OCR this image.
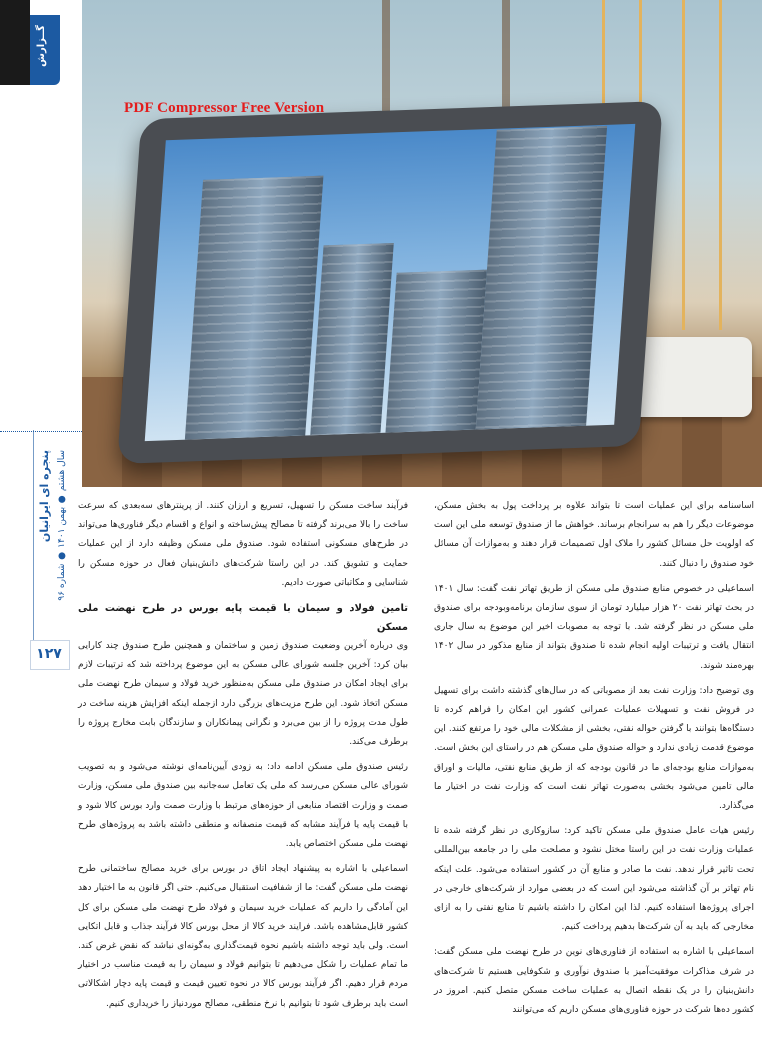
PDF Compressor Free Version
گــزارش
پنجره ‌ای ایرانیان
سال هشتم ● بهمن ۱۴۰۱ ● شماره ۹۶
۱۲۷

اساسنامه برای این عملیات است تا بتواند علاوه بر پرداخت پول به بخش مسکن، موضوعات دیگر را هم به سرانجام برساند. خواهش ما از صندوق توسعه ملی این است که اولویت حل مسائل کشور را ملاک اول تصمیمات قرار دهند و به‌موازات آن مسائل خود صندوق را دنبال کنند.

اسماعیلی در خصوص منابع صندوق ملی مسکن از طریق تهاتر نفت گفت: سال ۱۴۰۱ در بحث تهاتر نفت ۲۰ هزار میلیارد تومان از سوی سازمان برنامه‌وبودجه برای صندوق ملی مسکن در نظر گرفته شد. با توجه به مصوبات اخیر این موضوع به سال جاری انتقال یافت و ترتیبات اولیه انجام شده تا صندوق بتواند از منابع مذکور در سال ۱۴۰۲ بهره‌مند شوند.

وی توضیح داد: وزارت نفت بعد از مصوباتی که در سال‌های گذشته داشت برای تسهیل در فروش نفت و تسهیلات عملیات عمرانی کشور این امکان را فراهم کرده تا دستگاه‌ها بتوانند با گرفتن حواله نفتی، بخشی از مشکلات مالی خود را مرتفع کنند. این موضوع قدمت زیادی ندارد و حواله صندوق ملی مسکن هم در راستای این بخش است. به‌موازات منابع بودجه‌ای ما در قانون بودجه که از طریق منابع نفتی، مالیات و اوراق مالی تامین می‌شود بخشی به‌صورت تهاتر نفت است که وزارت نفت در اختیار ما می‌گذارد.

رئیس هیات عامل صندوق ملی مسکن تاکید کرد: سازوکاری در نظر گرفته شده تا عملیات وزارت نفت در این راستا مختل نشود و مصلحت ملی را در جامعه بین‌المللی تحت تاثیر قرار ندهد. نفت ما صادر و منابع آن در کشور استفاده می‌شود. علت اینکه نام تهاتر بر آن گذاشته می‌شود این است که در بعضی موارد از شرکت‌های خارجی در اجرای پروژه‌ها استفاده کنیم. لذا این امکان را داشته باشیم تا منابع نفتی را به ازای مخارجی که باید به آن شرکت‌ها بدهیم پرداخت کنیم.

اسماعیلی با اشاره به استفاده از فناوری‌های نوین در طرح نهضت ملی مسکن گفت: در شرف مذاکرات موفقیت‌آمیز با صندوق نوآوری و شکوفایی هستیم تا شرکت‌های دانش‌بنیان را در یک نقطه اتصال به عملیات ساخت مسکن متصل کنیم. امروز در کشور ده‌ها شرکت در حوزه فناوری‌های مسکن داریم که می‌توانند

فرآیند ساخت مسکن را تسهیل، تسریع و ارزان کنند. از پرینترهای سه‌بعدی که سرعت ساخت را بالا می‌برند گرفته تا مصالح پیش‌ساخته و انواع و اقسام دیگر فناوری‌ها می‌تواند در طرح‌های مسکونی استفاده شود. صندوق ملی مسکن وظیفه دارد از این عملیات حمایت و تشویق کند. در این راستا شرکت‌های دانش‌بنیان فعال در حوزه مسکن را شناسایی و مکاتباتی صورت دادیم.

تامین فولاد و سیمان با قیمت پایه بورس در طرح نهضت ملی مسکن

وی درباره آخرین وضعیت صندوق زمین و ساختمان و همچنین طرح صندوق چند کارایی بیان کرد: آخرین جلسه شورای عالی مسکن به این موضوع پرداخته شد که ترتیبات لازم برای ایجاد امکان در صندوق ملی مسکن به‌منظور خرید فولاد و سیمان طرح نهضت ملی مسکن اتخاذ شود. این طرح مزیت‌های بزرگی دارد ازجمله اینکه افزایش هزینه ساخت در طول مدت پروژه را از بین می‌برد و نگرانی پیمانکاران و سازندگان بابت مخارج پروژه را برطرف می‌کند.

رئیس صندوق ملی مسکن ادامه داد: به زودی آیین‌نامه‌ای نوشته می‌شود و به تصویب شورای عالی مسکن می‌رسد که ملی یک تعامل سه‌جانبه بین صندوق ملی مسکن، وزارت صمت و وزارت اقتصاد منابعی از حوزه‌های مرتبط با وزارت صمت وارد بورس کالا شود و با قیمت پایه یا فرآیند مشابه که قیمت منصفانه و منطقی داشته باشد به پروژه‌های طرح نهضت ملی مسکن اختصاص یابد.

اسماعیلی با اشاره به پیشنهاد ایجاد اتاق در بورس برای خرید مصالح ساختمانی طرح نهضت ملی مسکن گفت: ما از شفافیت استقبال می‌کنیم. حتی اگر قانون به ما اختیار دهد این آمادگی را داریم که عملیات خرید سیمان و فولاد طرح نهضت ملی مسکن برای کل کشور قابل‌مشاهده باشد. فرایند خرید کالا از محل بورس کالا فرآیند جذاب و قابل اتکایی است. ولی باید توجه داشته باشیم نحوه قیمت‌گذاری به‌گونه‌ای نباشد که نقض غرض کند. ما تمام عملیات را شکل می‌دهیم تا بتوانیم فولاد و سیمان را به قیمت مناسب در اختیار مردم قرار دهیم. اگر فرآیند بورس کالا در نحوه تعیین قیمت و قیمت پایه دچار اشکالاتی است باید برطرف شود تا بتوانیم با نرخ منطقی، مصالح موردنیاز را خریداری کنیم.
